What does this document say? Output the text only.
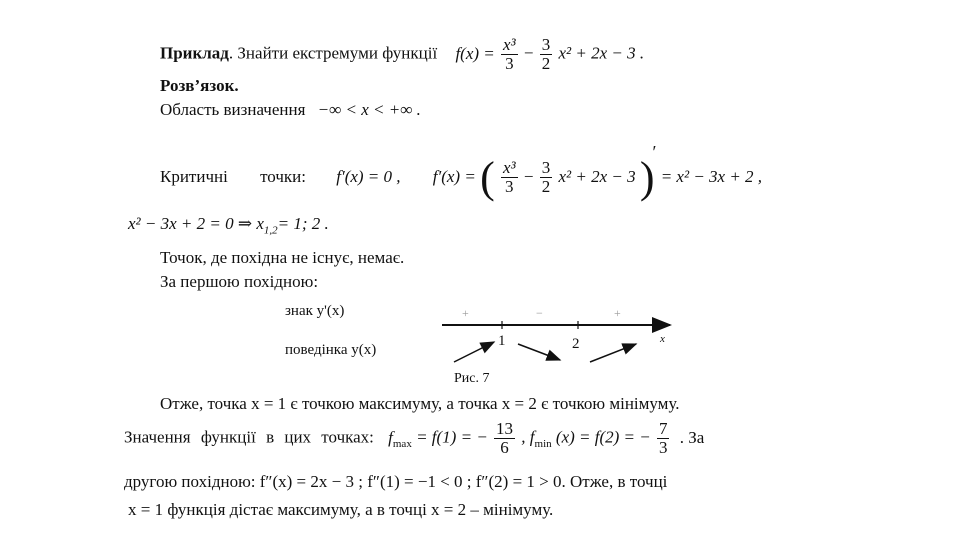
Приклад. Знайти екстремуми функції $f(x) = \frac{\text{x³}}{3} - \frac{3}{2} x^2 + 2x - 3$ .
Розв’язок.
Область визначення −∞ < x < +∞ .
Критичні точки: f′(x) = 0 , f′(x) = ( $\frac{\text{x³}}{3} - \frac{3}{2} x^2 + 2x - 3$ )′ = x² − 3x + 2 ,
x² − 3x + 2 = 0 ⇒ $x_{1,2}= 1$; 2 .
Точок, де похідна не існує, немає.
За першою похідною:
знак y'(x)
поведінка y(x)
+	−	+
1	2	x
Рис. 7
Отже, точка x = 1 є точкою максимуму, а точка x = 2 є точкою мінімуму.
Значення функції в цих точках: $f_{max} = f(1)$ = − $\frac{13}{6}$ , $f_{min}$ (x) = f(2) = − $\frac{7}{3}$ . За
другою похідною: f″(x) = 2x − 3 ; f″(1) = −1 < 0 ; f″(2) = 1 > 0. Отже, в точці
x = 1 функція дістає максимуму, а в точці x = 2 – мінімуму.
